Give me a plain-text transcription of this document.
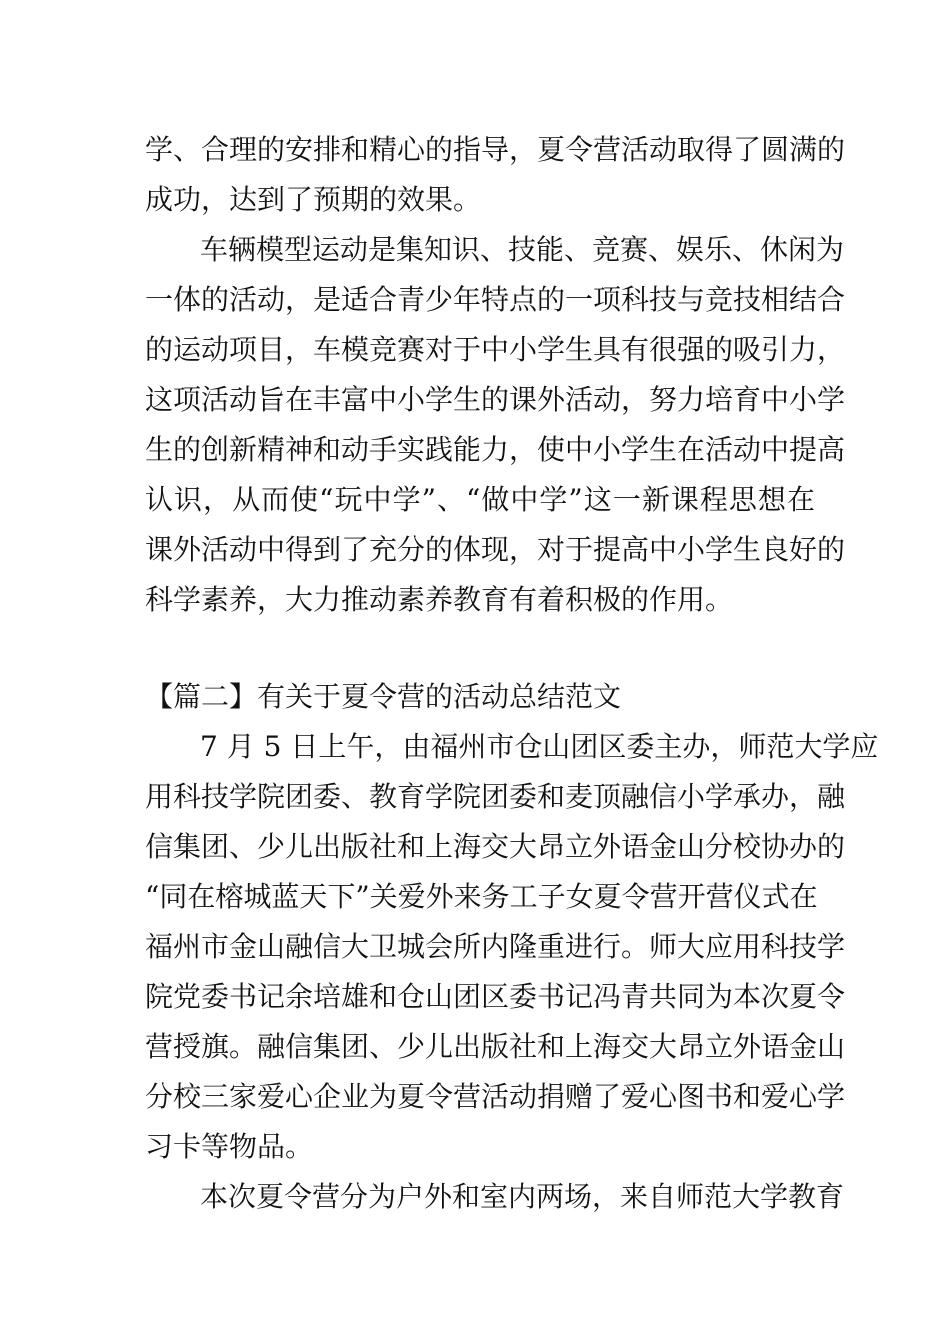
学、合理的安排和精心的指导，夏令营活动取得了圆满的
成功，达到了预期的效果。
车辆模型运动是集知识、技能、竞赛、娱乐、休闲为
一体的活动，是适合青少年特点的一项科技与竞技相结合
的运动项目，车模竞赛对于中小学生具有很强的吸引力，
这项活动旨在丰富中小学生的课外活动，努力培育中小学
生的创新精神和动手实践能力，使中小学生在活动中提高
认识，从而使“玩中学”、“做中学”这一新课程思想在
课外活动中得到了充分的体现，对于提高中小学生良好的
科学素养，大力推动素养教育有着积极的作用。
【篇二】有关于夏令营的活动总结范文
7 月 5 日上午，由福州市仓山团区委主办，师范大学应
用科技学院团委、教育学院团委和麦顶融信小学承办，融
信集团、少儿出版社和上海交大昂立外语金山分校协办的
“同在榕城蓝天下”关爱外来务工子女夏令营开营仪式在
福州市金山融信大卫城会所内隆重进行。师大应用科技学
院党委书记余培雄和仓山团区委书记冯青共同为本次夏令
营授旗。融信集团、少儿出版社和上海交大昂立外语金山
分校三家爱心企业为夏令营活动捐赠了爱心图书和爱心学
习卡等物品。
本次夏令营分为户外和室内两场，来自师范大学教育
